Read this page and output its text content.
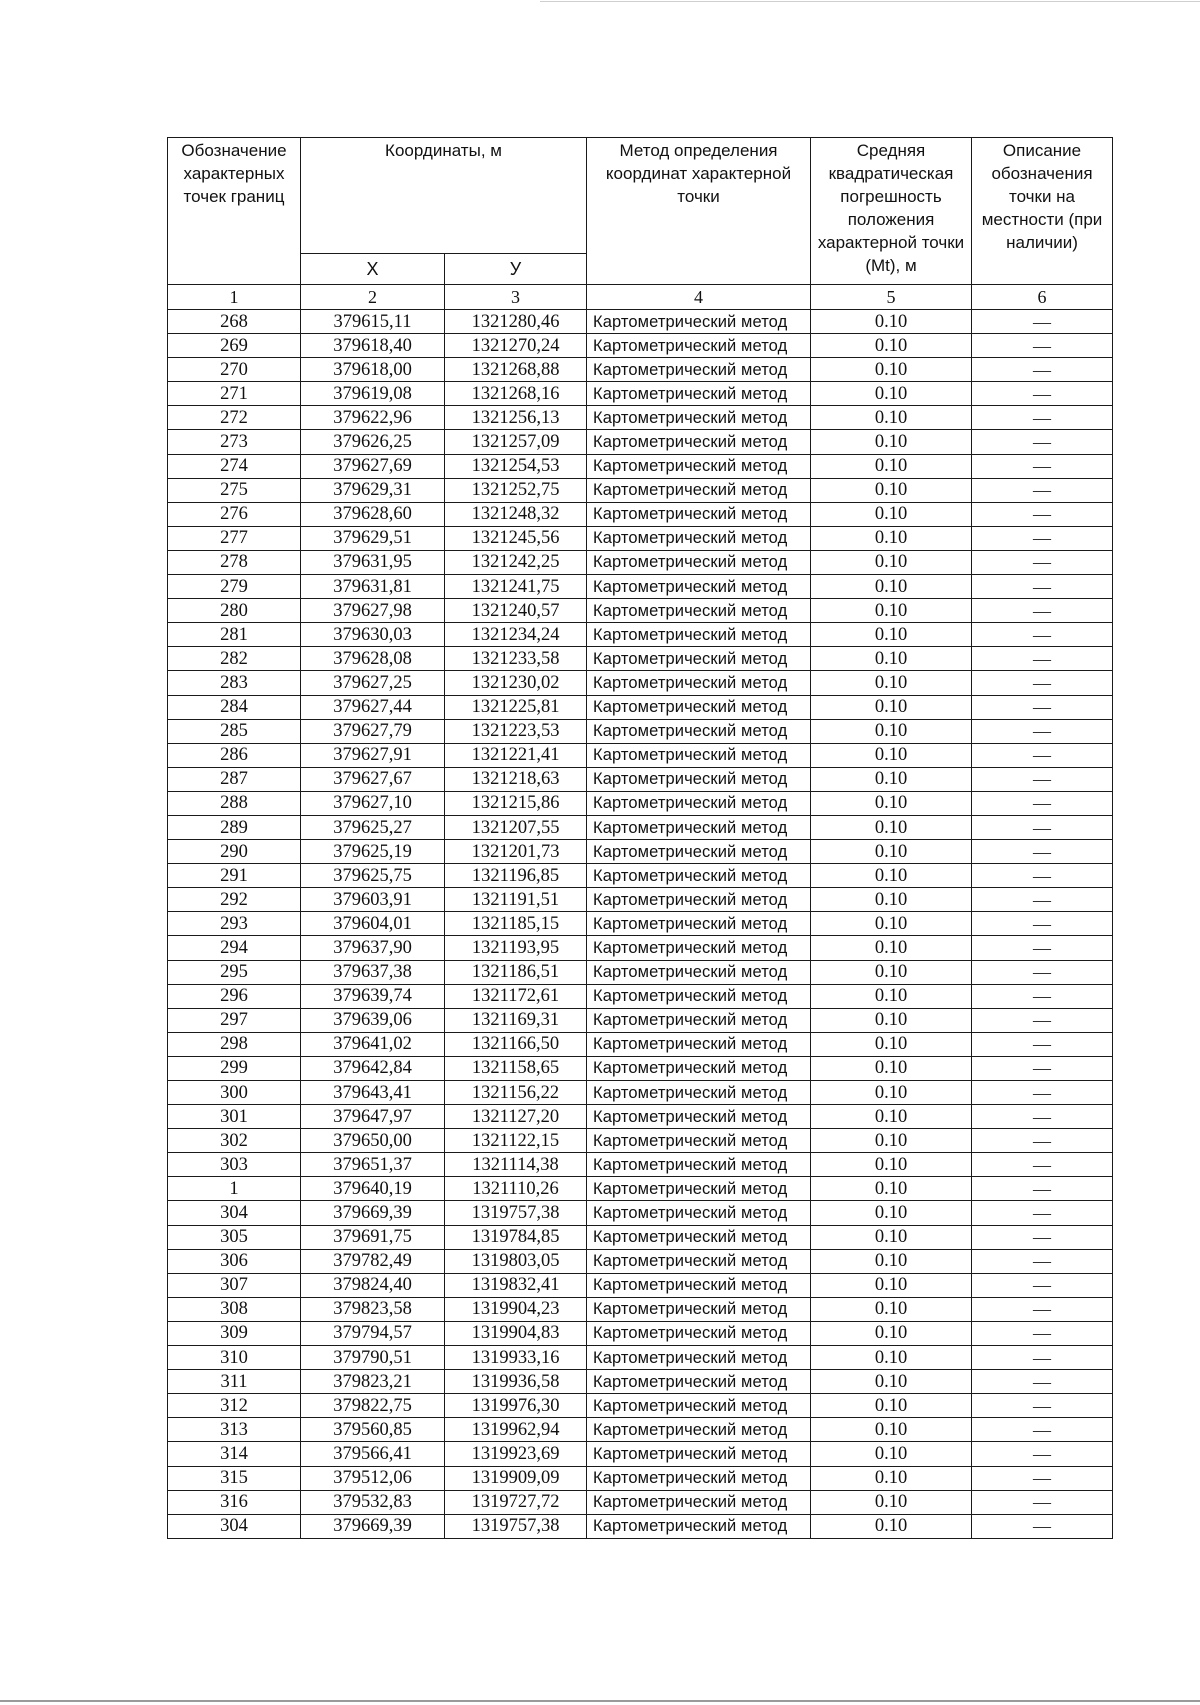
Обозначение характерных точек границ	Координаты, м		Метод определения координат характерной точки	Средняя квадратическая погрешность положения характерной точки (Mt), м	Описание обозначения точки на местности (при наличии)
	X	У			
1	2	3	4	5	6
268	379615,11	1321280,46	Картометрический метод	0.10	—
269	379618,40	1321270,24	Картометрический метод	0.10	—
270	379618,00	1321268,88	Картометрический метод	0.10	—
271	379619,08	1321268,16	Картометрический метод	0.10	—
272	379622,96	1321256,13	Картометрический метод	0.10	—
273	379626,25	1321257,09	Картометрический метод	0.10	—
274	379627,69	1321254,53	Картометрический метод	0.10	—
275	379629,31	1321252,75	Картометрический метод	0.10	—
276	379628,60	1321248,32	Картометрический метод	0.10	—
277	379629,51	1321245,56	Картометрический метод	0.10	—
278	379631,95	1321242,25	Картометрический метод	0.10	—
279	379631,81	1321241,75	Картометрический метод	0.10	—
280	379627,98	1321240,57	Картометрический метод	0.10	—
281	379630,03	1321234,24	Картометрический метод	0.10	—
282	379628,08	1321233,58	Картометрический метод	0.10	—
283	379627,25	1321230,02	Картометрический метод	0.10	—
284	379627,44	1321225,81	Картометрический метод	0.10	—
285	379627,79	1321223,53	Картометрический метод	0.10	—
286	379627,91	1321221,41	Картометрический метод	0.10	—
287	379627,67	1321218,63	Картометрический метод	0.10	—
288	379627,10	1321215,86	Картометрический метод	0.10	—
289	379625,27	1321207,55	Картометрический метод	0.10	—
290	379625,19	1321201,73	Картометрический метод	0.10	—
291	379625,75	1321196,85	Картометрический метод	0.10	—
292	379603,91	1321191,51	Картометрический метод	0.10	—
293	379604,01	1321185,15	Картометрический метод	0.10	—
294	379637,90	1321193,95	Картометрический метод	0.10	—
295	379637,38	1321186,51	Картометрический метод	0.10	—
296	379639,74	1321172,61	Картометрический метод	0.10	—
297	379639,06	1321169,31	Картометрический метод	0.10	—
298	379641,02	1321166,50	Картометрический метод	0.10	—
299	379642,84	1321158,65	Картометрический метод	0.10	—
300	379643,41	1321156,22	Картометрический метод	0.10	—
301	379647,97	1321127,20	Картометрический метод	0.10	—
302	379650,00	1321122,15	Картометрический метод	0.10	—
303	379651,37	1321114,38	Картометрический метод	0.10	—
1	379640,19	1321110,26	Картометрический метод	0.10	—
304	379669,39	1319757,38	Картометрический метод	0.10	—
305	379691,75	1319784,85	Картометрический метод	0.10	—
306	379782,49	1319803,05	Картометрический метод	0.10	—
307	379824,40	1319832,41	Картометрический метод	0.10	—
308	379823,58	1319904,23	Картометрический метод	0.10	—
309	379794,57	1319904,83	Картометрический метод	0.10	—
310	379790,51	1319933,16	Картометрический метод	0.10	—
311	379823,21	1319936,58	Картометрический метод	0.10	—
312	379822,75	1319976,30	Картометрический метод	0.10	—
313	379560,85	1319962,94	Картометрический метод	0.10	—
314	379566,41	1319923,69	Картометрический метод	0.10	—
315	379512,06	1319909,09	Картометрический метод	0.10	—
316	379532,83	1319727,72	Картометрический метод	0.10	—
304	379669,39	1319757,38	Картометрический метод	0.10	—
